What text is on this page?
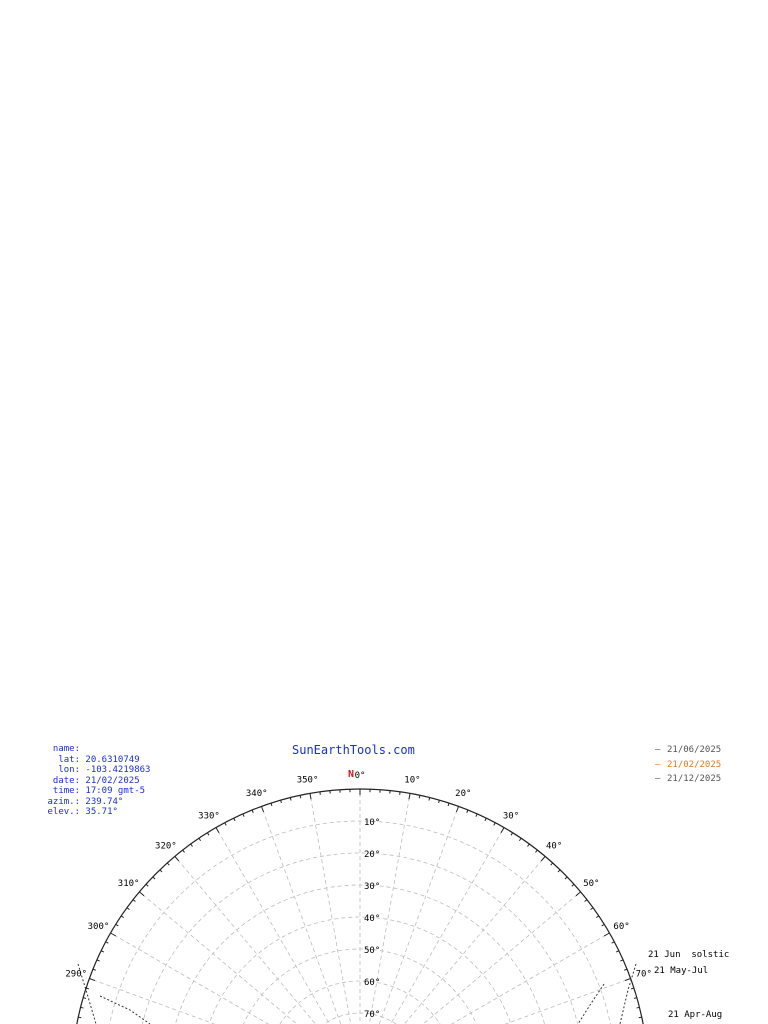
0°	10°
20°
30°
40°
50°
60°
70°
290°
300°
310°
320°
330°
340°
350°
N
10°
20°
30°
40°
50°
60°
70°
name:
lat: 20.6310749
lon: -103.4219863
date: 21/02/2025
time: 17:09 gmt-5
azim.: 239.74°
elev.: 35.71°
SunEarthTools.com	– 21/06/2025
– 21/02/2025
– 21/12/2025
21 Jun  solstic
21 May-Jul
21 Apr-Aug
